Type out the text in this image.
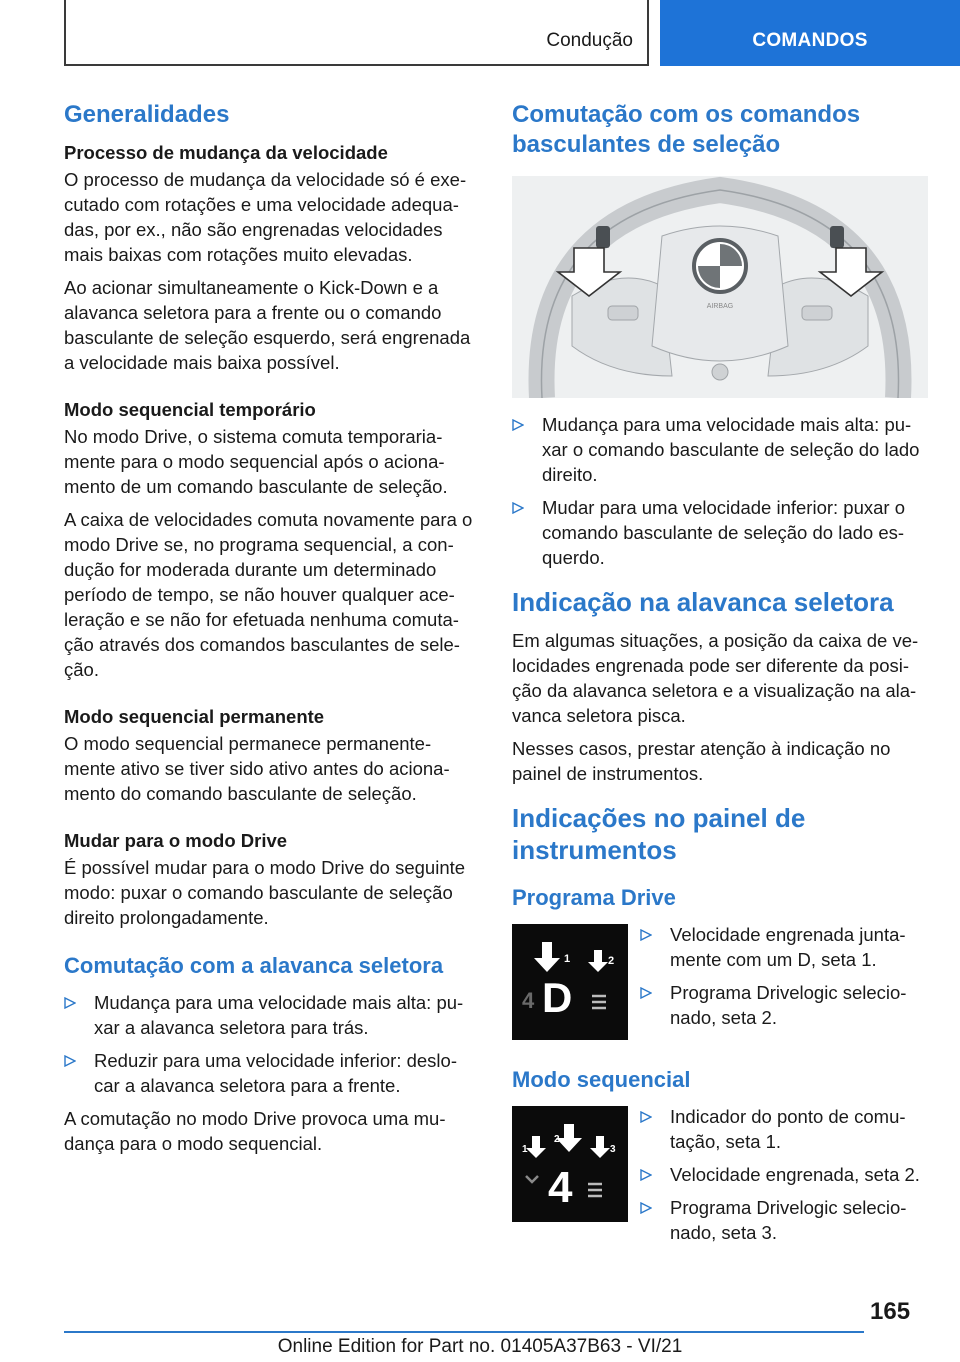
Condução	COMANDOS
Generalidades
Processo de mudança da velocidade

O processo de mudança da velocidade só é exe-cutado com rotações e uma velocidade adequa-das, por ex., não são engrenadas velocidades mais baixas com rotações muito elevadas.

Ao acionar simultaneamente o Kick-Down e a alavanca seletora para a frente ou o comando basculante de seleção esquerdo, será engrenada a velocidade mais baixa possível.

Modo sequencial temporário

No modo Drive, o sistema comuta temporaria-mente para o modo sequencial após o aciona-mento de um comando basculante de seleção.

A caixa de velocidades comuta novamente para o modo Drive se, no programa sequencial, a con-dução for moderada durante um determinado período de tempo, se não houver qualquer ace-leração e se não for efetuada nenhuma comuta-ção através dos comandos basculantes de sele-ção.

Modo sequencial permanente

O modo sequencial permanece permanente-mente ativo se tiver sido ativo antes do aciona-mento do comando basculante de seleção.

Mudar para o modo Drive

É possível mudar para o modo Drive do seguinte modo: puxar o comando basculante de seleção direito prolongadamente.

Comutação com a alavanca seletora
Mudança para uma velocidade mais alta: pu-xar a alavanca seletora para trás.
Reduzir para uma velocidade inferior: deslo-car a alavanca seletora para a frente.

A comutação no modo Drive provoca uma mu-dança para o modo sequencial.

Comutação com os comandos basculantes de seleção
AIRBAG
Mudança para uma velocidade mais alta: pu-xar o comando basculante de seleção do lado direito.
Mudar para uma velocidade inferior: puxar o comando basculante de seleção do lado es-querdo.
Indicação na alavanca seletora

Em algumas situações, a posição da caixa de ve-locidades engrenada pode ser diferente da posi-ção da alavanca seletora e a visualização na ala-vanca seletora pisca.

Nesses casos, prestar atenção à indicação no painel de instrumentos.

Indicações no painel de instrumentos
Programa Drive
1	2
4 D
Velocidade engrenada junta-mente com um D, seta 1.
Programa Drivelogic selecio-nado, seta 2.
Modo sequencial
1
2
3
4
Indicador do ponto de comu-tação, seta 1.
Velocidade engrenada, seta 2.
Programa Drivelogic selecio-nado, seta 3.
165
Online Edition for Part no. 01405A37B63 - VI/21
